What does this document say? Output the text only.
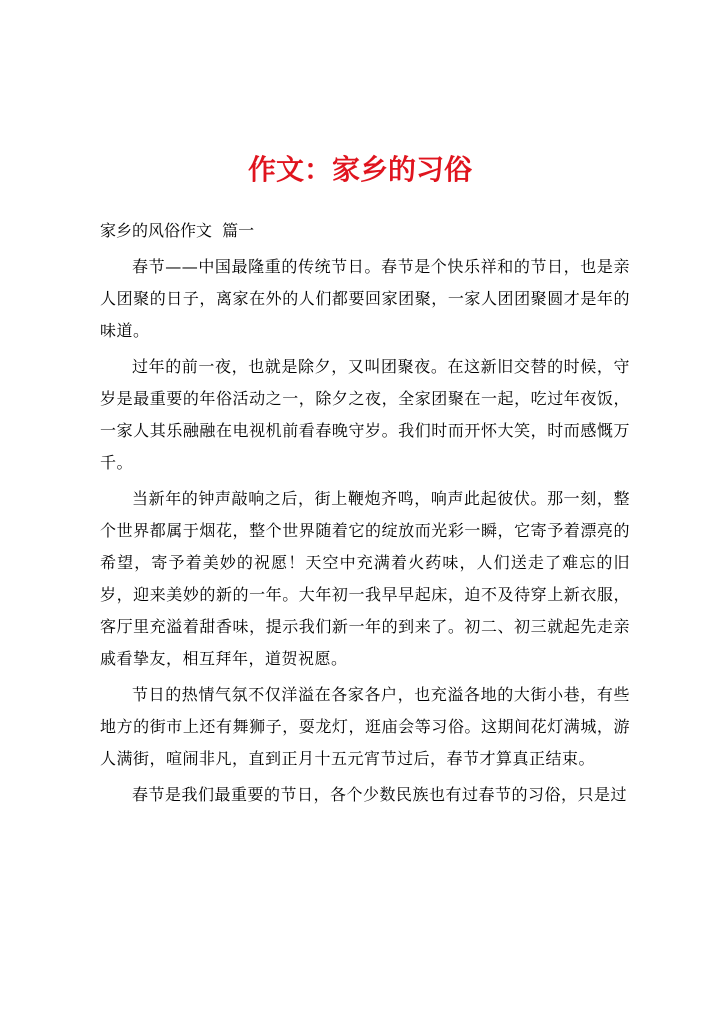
作文：家乡的习俗

家乡的风俗作文  篇一

春节——中国最隆重的传统节日。春节是个快乐祥和的节日，也是亲人团聚的日子，离家在外的人们都要回家团聚，一家人团团聚圆才是年的味道。

过年的前一夜，也就是除夕，又叫团聚夜。在这新旧交替的时候，守岁是最重要的年俗活动之一，除夕之夜，全家团聚在一起，吃过年夜饭，一家人其乐融融在电视机前看春晚守岁。我们时而开怀大笑，时而感慨万千。

当新年的钟声敲响之后，街上鞭炮齐鸣，响声此起彼伏。那一刻，整个世界都属于烟花，整个世界随着它的绽放而光彩一瞬，它寄予着漂亮的希望，寄予着美妙的祝愿！天空中充满着火药味，人们送走了难忘的旧岁，迎来美妙的新的一年。大年初一我早早起床，迫不及待穿上新衣服，客厅里充溢着甜香味，提示我们新一年的到来了。初二、初三就起先走亲戚看挚友，相互拜年，道贺祝愿。

节日的热情气氛不仅洋溢在各家各户，也充溢各地的大街小巷，有些地方的街市上还有舞狮子，耍龙灯，逛庙会等习俗。这期间花灯满城，游人满街，喧闹非凡，直到正月十五元宵节过后，春节才算真正结束。

春节是我们最重要的节日，各个少数民族也有过春节的习俗，只是过
